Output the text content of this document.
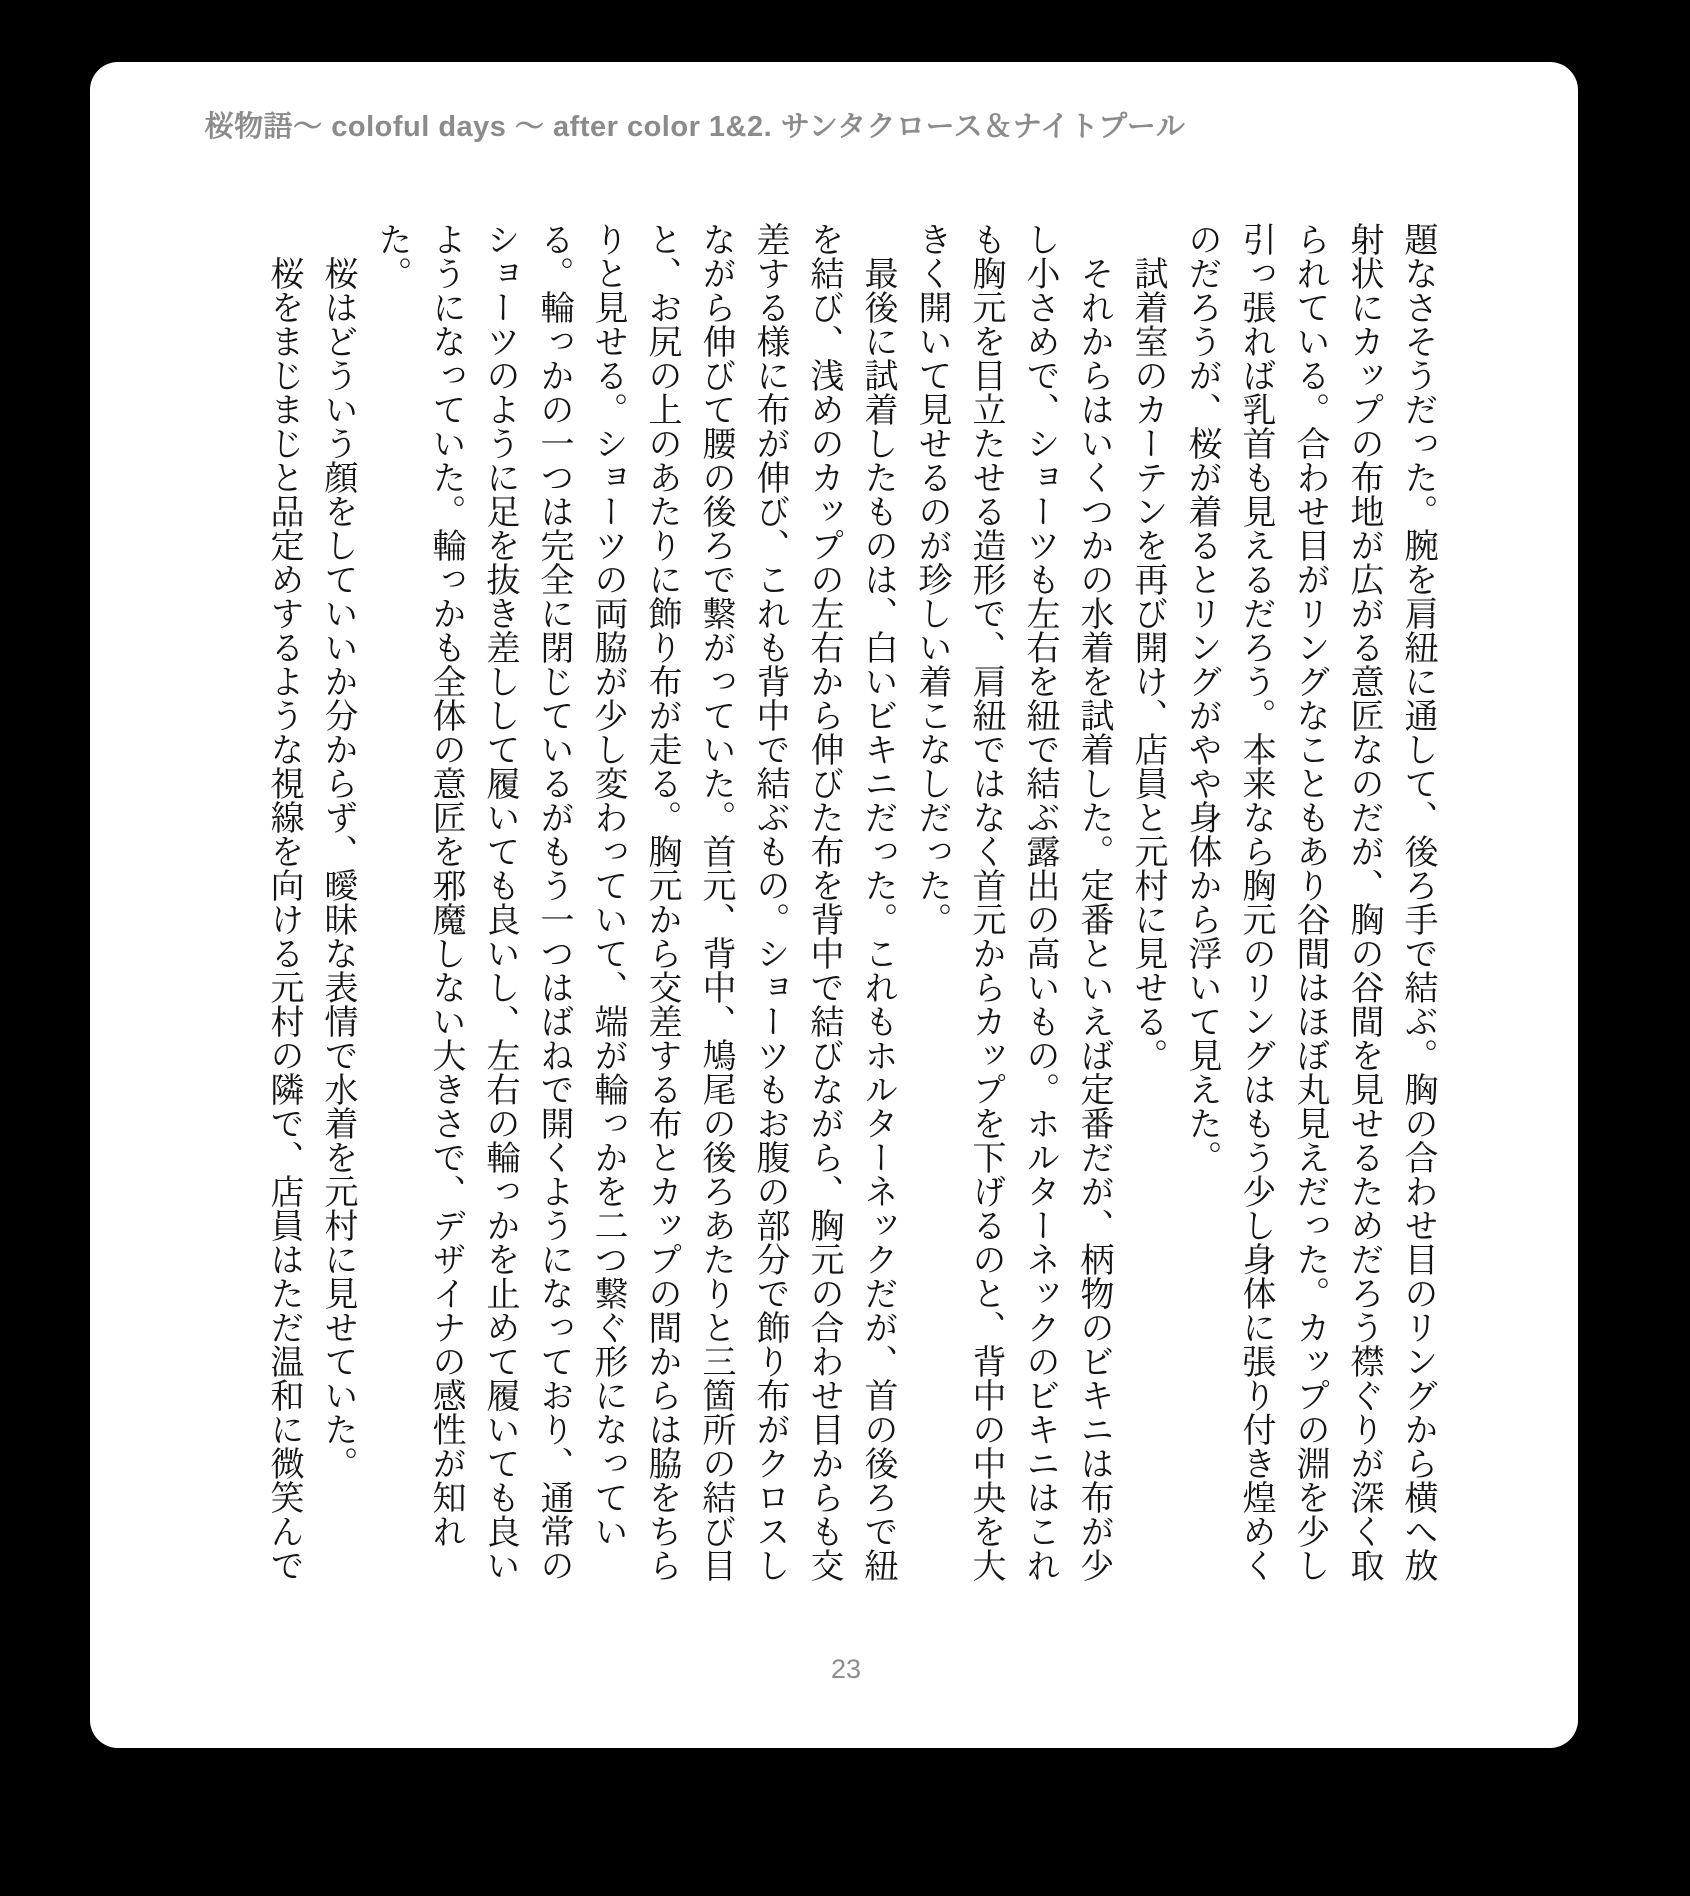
桜物語〜 coloful days 〜 after color 1&2. サンタクロース＆ナイトプール

題なさそうだった。腕を肩紐に通して、後ろ手で結ぶ。胸の合わせ目のリングから横へ放射状にカップの布地が広がる意匠なのだが、胸の谷間を見せるためだろう襟ぐりが深く取られている。合わせ目がリングなこともあり谷間はほぼ丸見えだった。カップの淵を少し引っ張れば乳首も見えるだろう。本来なら胸元のリングはもう少し身体に張り付き煌めくのだろうが、桜が着るとリングがやや身体から浮いて見えた。

　試着室のカーテンを再び開け、店員と元村に見せる。

　それからはいくつかの水着を試着した。定番といえば定番だが、柄物のビキニは布が少し小さめで、ショーツも左右を紐で結ぶ露出の高いもの。ホルターネックのビキニはこれも胸元を目立たせる造形で、肩紐ではなく首元からカップを下げるのと、背中の中央を大きく開いて見せるのが珍しい着こなしだった。

　最後に試着したものは、白いビキニだった。これもホルターネックだが、首の後ろで紐を結び、浅めのカップの左右から伸びた布を背中で結びながら、胸元の合わせ目からも交差する様に布が伸び、これも背中で結ぶもの。ショーツもお腹の部分で飾り布がクロスしながら伸びて腰の後ろで繋がっていた。首元、背中、鳩尾の後ろあたりと三箇所の結び目と、お尻の上のあたりに飾り布が走る。胸元から交差する布とカップの間からは脇をちらりと見せる。ショーツの両脇が少し変わっていて、端が輪っかを二つ繋ぐ形になっている。輪っかの一つは完全に閉じているがもう一つはばねで開くようになっており、通常のショーツのように足を抜き差しして履いても良いし、左右の輪っかを止めて履いても良いようになっていた。輪っかも全体の意匠を邪魔しない大きさで、デザイナの感性が知れた。

　桜はどういう顔をしていいか分からず、曖昧な表情で水着を元村に見せていた。

　桜をまじまじと品定めするような視線を向ける元村の隣で、店員はただ温和に微笑んで

23
